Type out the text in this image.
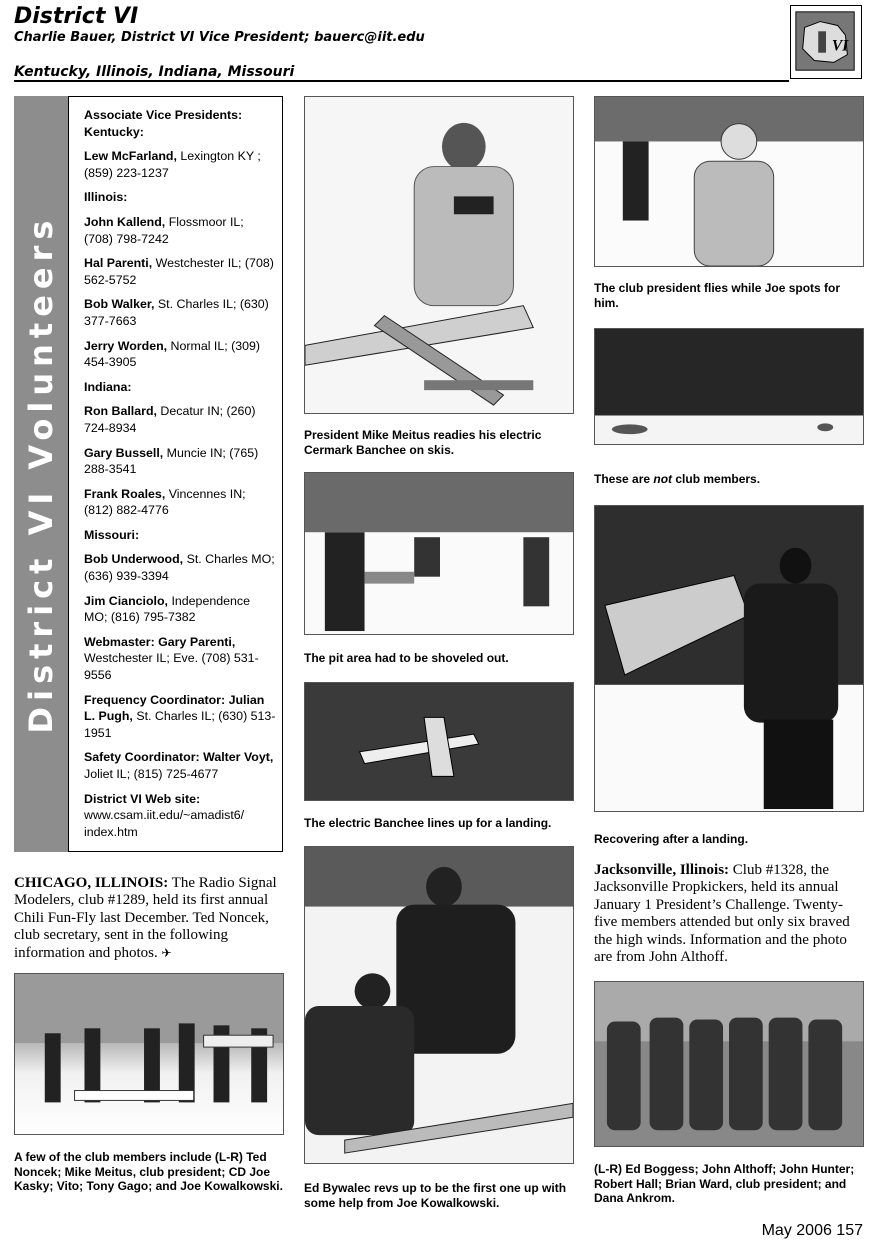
District VI
Charlie Bauer, District VI Vice President; bauerc@iit.edu
Kentucky, Illinois, Indiana, Missouri
VI
District VI Volunteers

Associate Vice Presidents: Kentucky:

Lew McFarland, Lexington KY ; (859) 223-1237

Illinois:

John Kallend, Flossmoor IL; (708) 798-7242

Hal Parenti, Westchester IL; (708) 562-5752

Bob Walker, St. Charles IL; (630) 377-7663

Jerry Worden, Normal IL; (309) 454-3905

Indiana:

Ron Ballard, Decatur IN; (260) 724-8934

Gary Bussell, Muncie IN; (765) 288-3541

Frank Roales, Vincennes IN; (812) 882-4776

Missouri:

Bob Underwood, St. Charles MO; (636) 939-3394

Jim Cianciolo, Independence MO; (816) 795-7382

Webmaster: Gary Parenti, Westchester IL; Eve. (708) 531-9556

Frequency Coordinator: Julian L. Pugh, St. Charles IL; (630) 513-1951

Safety Coordinator: Walter Voyt, Joliet IL; (815) 725-4677

District VI Web site: www.csam.iit.edu/~amadist6/ index.htm

CHICAGO, ILLINOIS: The Radio Signal Modelers, club #1289, held its first annual Chili Fun-Fly last December. Ted Noncek, club secretary, sent in the following information and photos. ✈
A few of the club members include (L-R) Ted Noncek; Mike Meitus, club president; CD Joe Kasky; Vito; Tony Gago; and Joe Kowalkowski.
President Mike Meitus readies his electric Cermark Banchee on skis.
The pit area had to be shoveled out.
The electric Banchee lines up for a landing.
Ed Bywalec revs up to be the first one up with some help from Joe Kowalkowski.
The club president flies while Joe spots for him.
These are not club members.
Recovering after a landing.
Jacksonville, Illinois: Club #1328, the Jacksonville Propkickers, held its annual January 1 President’s Challenge. Twenty-five members attended but only six braved the high winds. Information and the photo are from John Althoff.
(L-R) Ed Boggess; John Althoff; John Hunter; Robert Hall; Brian Ward, club president; and Dana Ankrom.
May 2006 157
